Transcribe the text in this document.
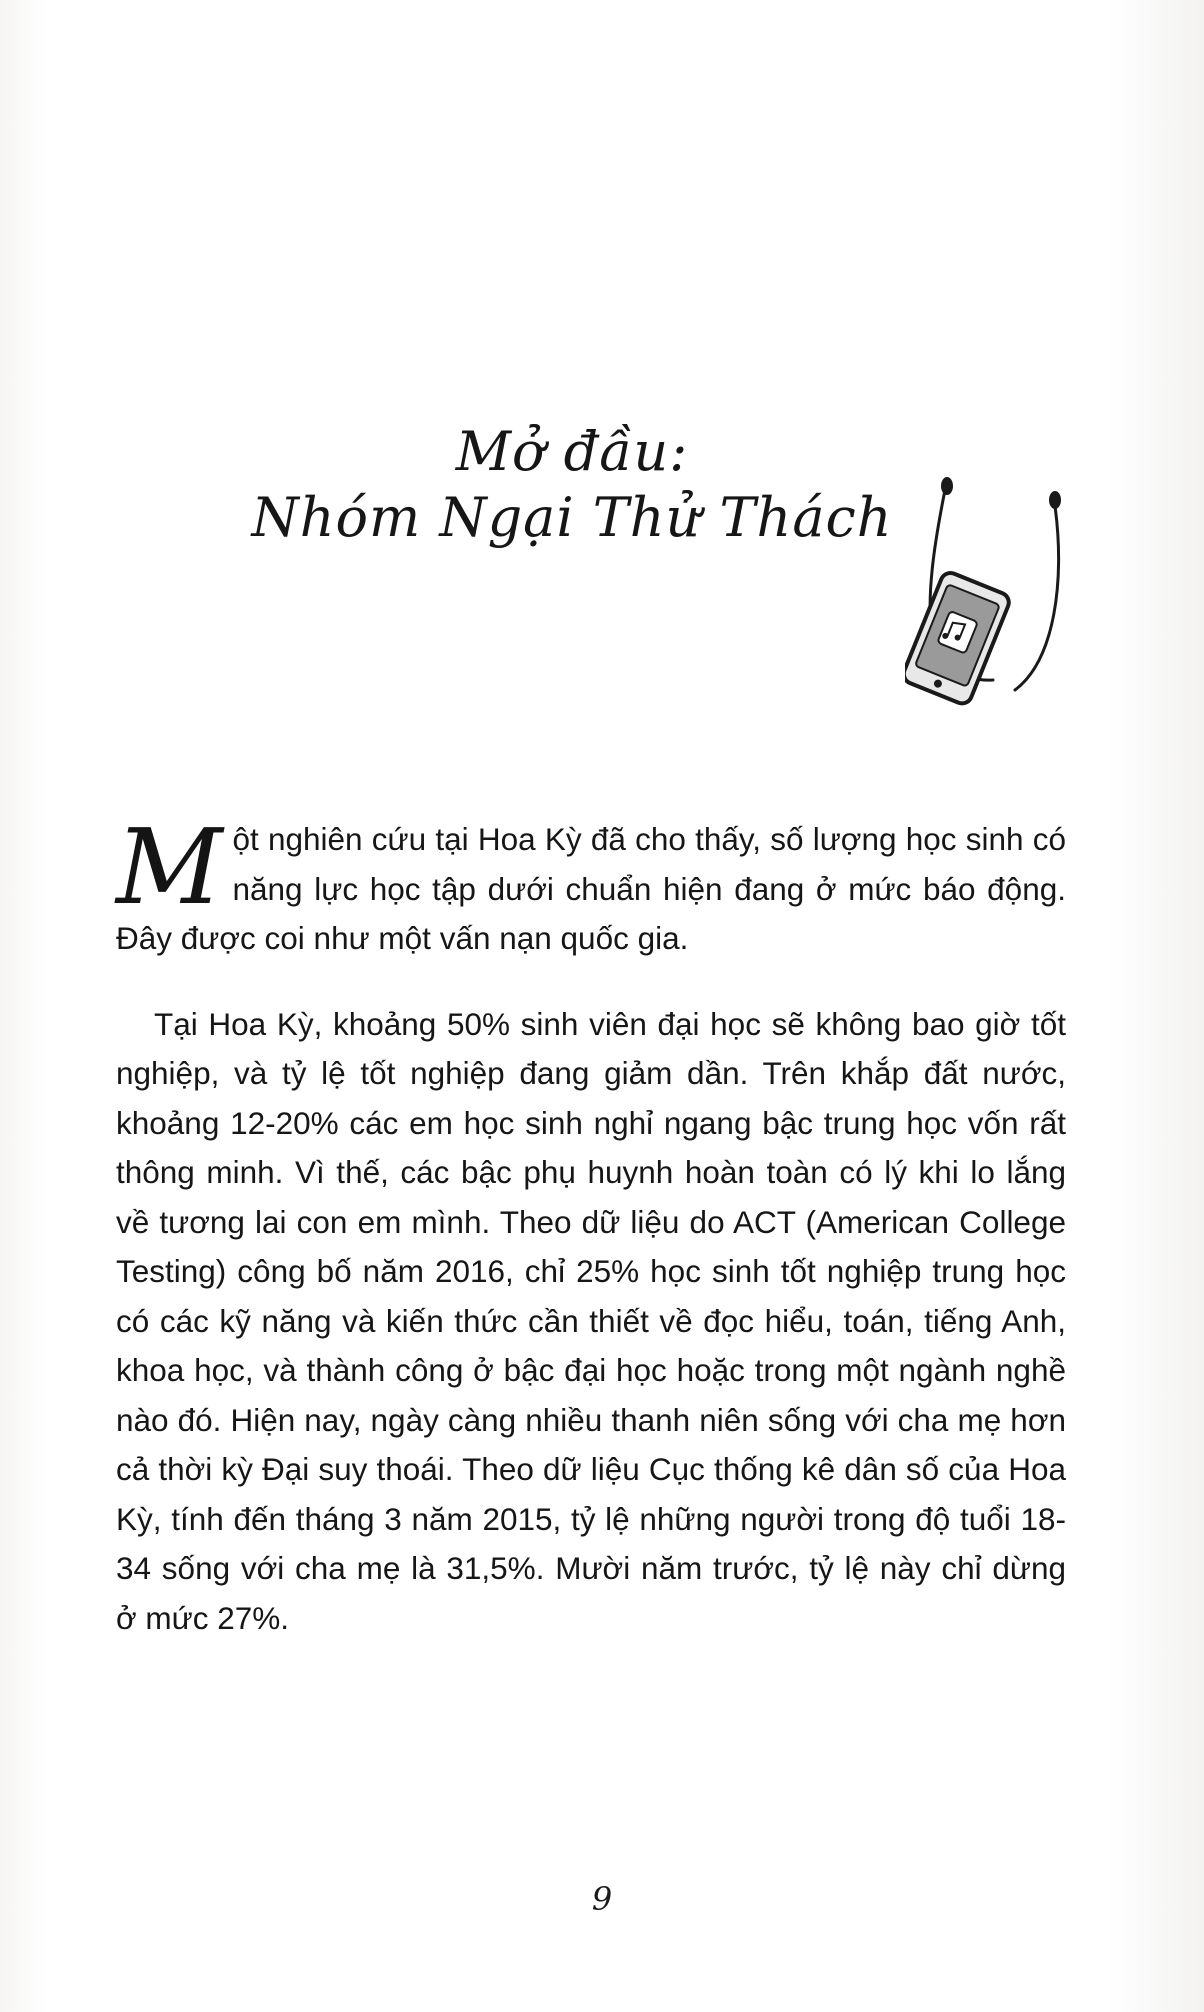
Mở đầu:
Nhóm Ngại Thử Thách

M ột nghiên cứu tại Hoa Kỳ đã cho thấy, số lượng học sinh có năng lực học tập dưới chuẩn hiện đang ở mức báo động. Đây được coi như một vấn nạn quốc gia.

Tại Hoa Kỳ, khoảng 50% sinh viên đại học sẽ không bao giờ tốt nghiệp, và tỷ lệ tốt nghiệp đang giảm dần. Trên khắp đất nước, khoảng 12-20% các em học sinh nghỉ ngang bậc trung học vốn rất thông minh. Vì thế, các bậc phụ huynh hoàn toàn có lý khi lo lắng về tương lai con em mình. Theo dữ liệu do ACT (American College Testing) công bố năm 2016, chỉ 25% học sinh tốt nghiệp trung học có các kỹ năng và kiến thức cần thiết về đọc hiểu, toán, tiếng Anh, khoa học, và thành công ở bậc đại học hoặc trong một ngành nghề nào đó. Hiện nay, ngày càng nhiều thanh niên sống với cha mẹ hơn cả thời kỳ Đại suy thoái. Theo dữ liệu Cục thống kê dân số của Hoa Kỳ, tính đến tháng 3 năm 2015, tỷ lệ những người trong độ tuổi 18-34 sống với cha mẹ là 31,5%. Mười năm trước, tỷ lệ này chỉ dừng ở mức 27%.

9
